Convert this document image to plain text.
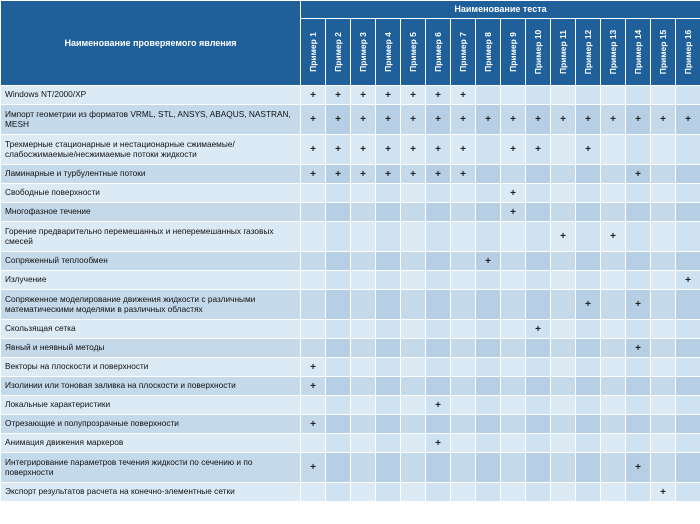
Наименование проверяемого явления	Наименование теста															

	Пример 1	Пример 2	Пример 3	Пример 4	Пример 5	Пример 6	Пример 7	Пример 8	Пример 9	Пример 10	Пример 11	Пример 12	Пример 13	Пример 14	Пример 15	Пример 16

Windows NT/2000/XP	+	+	+	+	+	+	+									
Импорт геометрии из форматов VRML, STL, ANSYS, ABAQUS, NASTRAN, MESH	+	+	+	+	+	+	+	+	+	+	+	+	+	+	+	+
Трехмерные стационарные и нестационарные сжимаемые/слабосжимаемые/несжимаемые потоки жидкости	+	+	+	+	+	+	+		+	+		+				
Ламинарные и турбулентные потоки	+	+	+	+	+	+	+							+		
Свободные поверхности									+							
Многофазное течение									+							
Горение предварительно перемешанных и неперемешанных газовых смесей											+		+			
Сопряженный теплообмен								+								
Излучение																+
Сопряженное моделирование движения жидкости с различными математическими моделями в различных областях												+		+		
Скользящая сетка										+						
Явный и неявный методы														+		
Векторы на плоскости и поверхности	+															
Изолинии или тоновая заливка на плоскости и поверхности	+															
Локальные характеристики						+										
Отрезающие и полупрозрачные поверхности	+															
Анимация движения маркеров						+										
Интегрирование параметров течения жидкости по сечению и по поверхности	+													+		
Экспорт результатов расчета на конечно-элементные сетки															+	
